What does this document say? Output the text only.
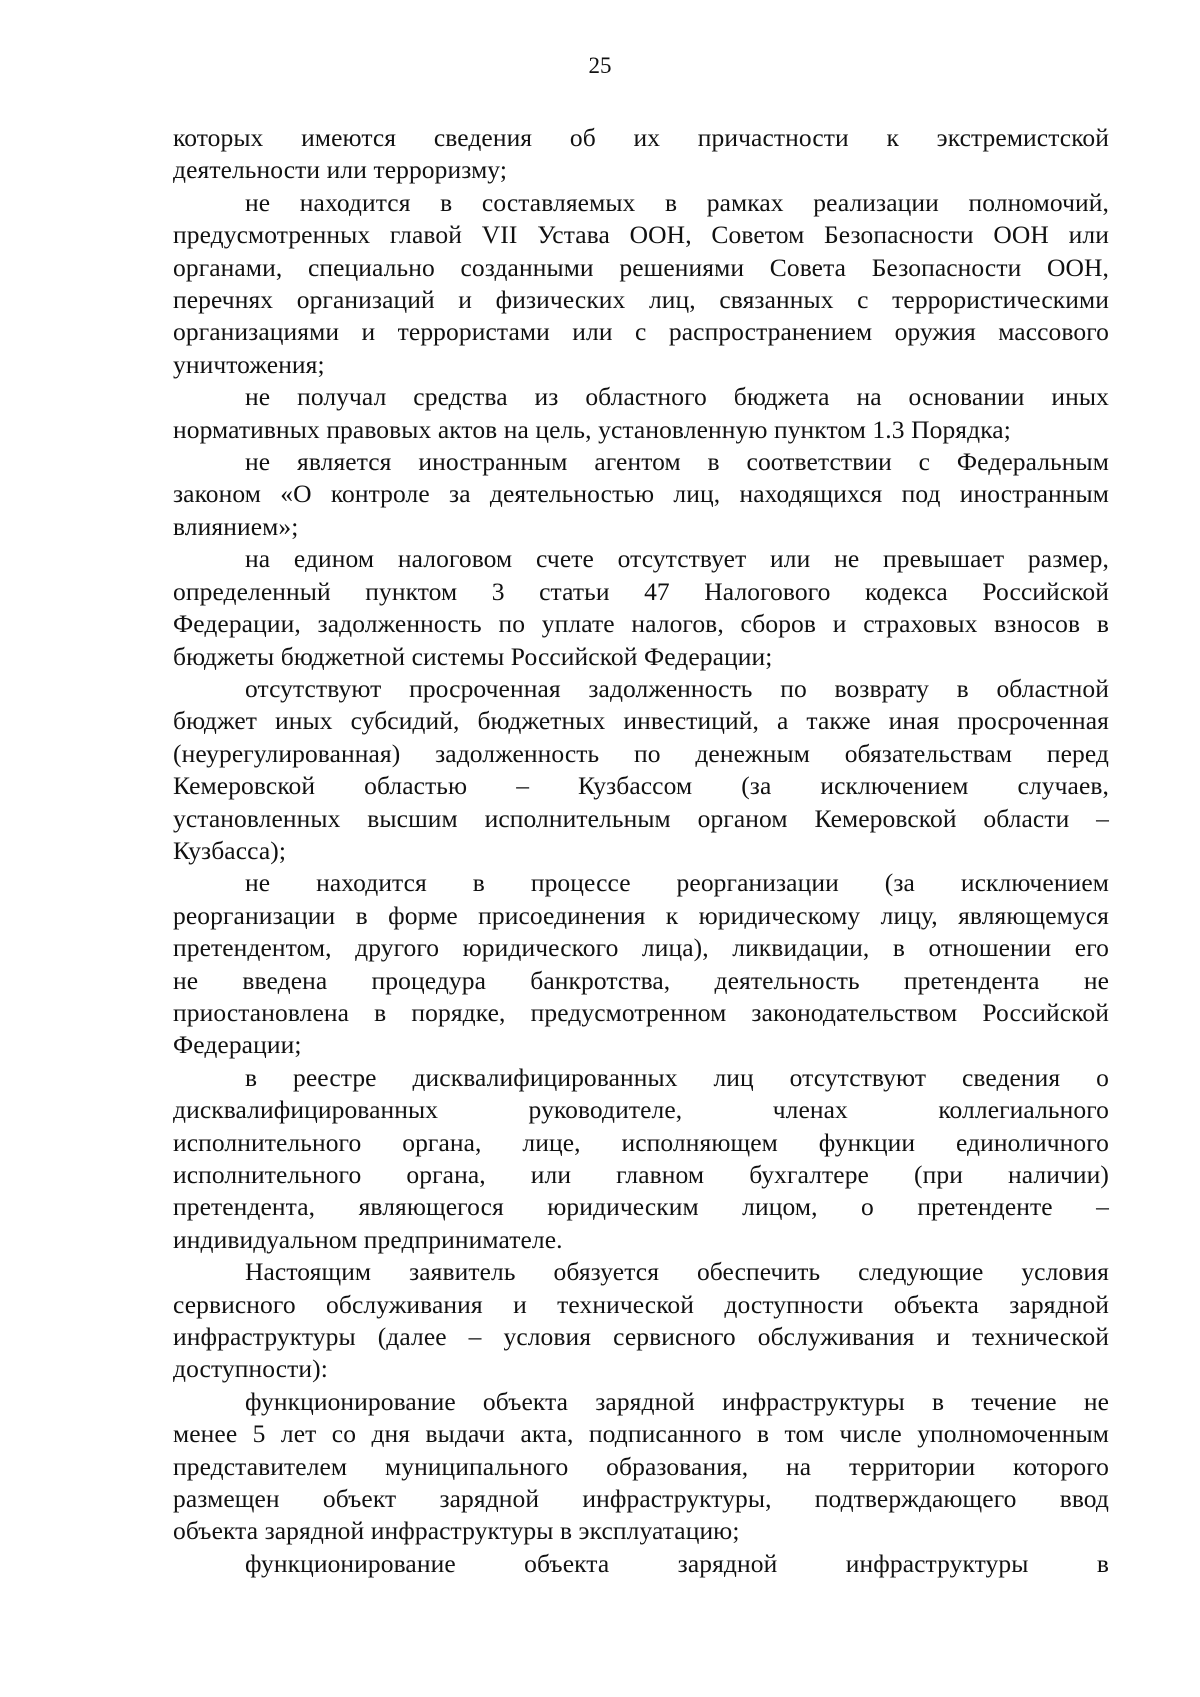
25
которых имеются сведения об их причастности к экстремистской
деятельности или терроризму;
не находится в составляемых в рамках реализации полномочий,
предусмотренных главой VII Устава ООН, Советом Безопасности ООН или
органами, специально созданными решениями Совета Безопасности ООН,
перечнях организаций и физических лиц, связанных с террористическими
организациями и террористами или с распространением оружия массового
уничтожения;
не получал средства из областного бюджета на основании иных
нормативных правовых актов на цель, установленную пунктом 1.3 Порядка;
не является иностранным агентом в соответствии с Федеральным
законом «О контроле за деятельностью лиц, находящихся под иностранным
влиянием»;
на едином налоговом счете отсутствует или не превышает размер,
определенный пунктом 3 статьи 47 Налогового кодекса Российской
Федерации, задолженность по уплате налогов, сборов и страховых взносов в
бюджеты бюджетной системы Российской Федерации;
отсутствуют просроченная задолженность по возврату в областной
бюджет иных субсидий, бюджетных инвестиций, а также иная просроченная
(неурегулированная) задолженность по денежным обязательствам перед
Кемеровской областью – Кузбассом (за исключением случаев,
установленных высшим исполнительным органом Кемеровской области –
Кузбасса);
не находится в процессе реорганизации (за исключением
реорганизации в форме присоединения к юридическому лицу, являющемуся
претендентом, другого юридического лица), ликвидации, в отношении его
не введена процедура банкротства, деятельность претендента не
приостановлена в порядке, предусмотренном законодательством Российской
Федерации;
в реестре дисквалифицированных лиц отсутствуют сведения о
дисквалифицированных руководителе, членах коллегиального
исполнительного органа, лице, исполняющем функции единоличного
исполнительного органа, или главном бухгалтере (при наличии)
претендента, являющегося юридическим лицом, о претенденте –
индивидуальном предпринимателе.
Настоящим заявитель обязуется обеспечить следующие условия
сервисного обслуживания и технической доступности объекта зарядной
инфраструктуры (далее – условия сервисного обслуживания и технической
доступности):
функционирование объекта зарядной инфраструктуры в течение не
менее 5 лет со дня выдачи акта, подписанного в том числе уполномоченным
представителем муниципального образования, на территории которого
размещен объект зарядной инфраструктуры, подтверждающего ввод
объекта зарядной инфраструктуры в эксплуатацию;
функционирование объекта зарядной инфраструктуры в
